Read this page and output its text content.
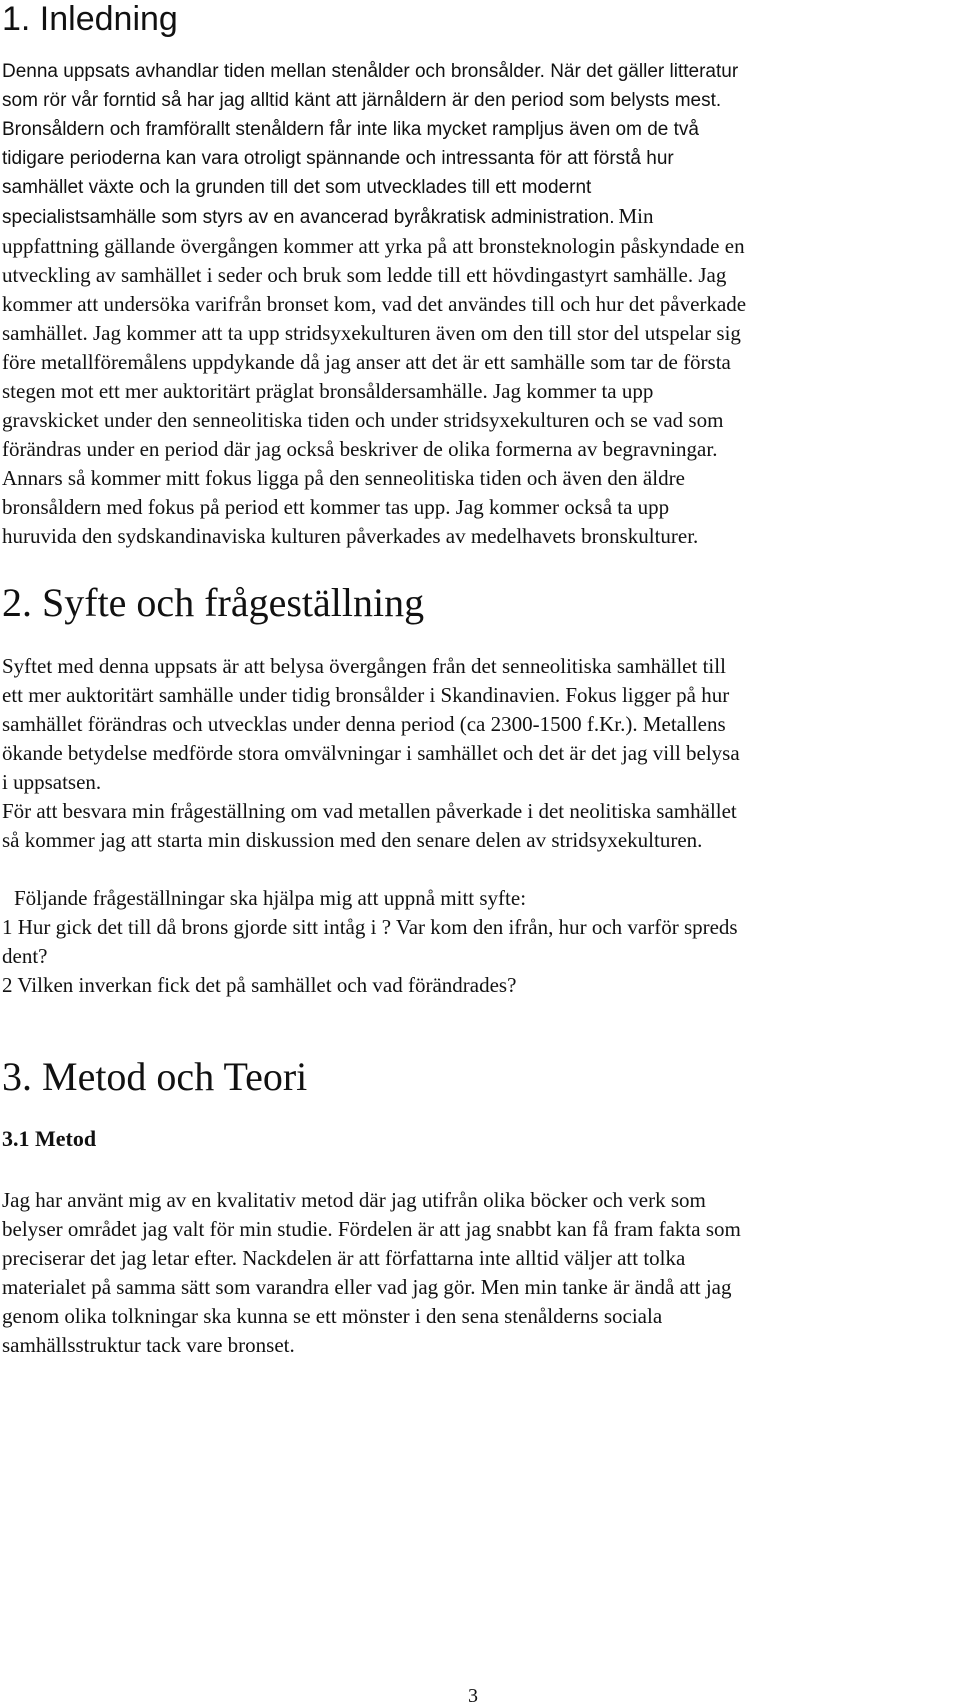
1. Inledning
Denna uppsats avhandlar tiden mellan stenålder och bronsålder. När det gäller litteratur
som rör vår forntid så har jag alltid känt att järnåldern är den period som belysts mest.
Bronsåldern och framförallt stenåldern får inte lika mycket rampljus även om de två
tidigare perioderna kan vara otroligt spännande och intressanta för att förstå hur
samhället växte och la grunden till det som utvecklades till ett modernt
specialistsamhälle som styrs av en avancerad byråkratisk administration. Min
uppfattning gällande övergången kommer att yrka på att bronsteknologin påskyndade en
utveckling av samhället i seder och bruk som ledde till ett hövdingastyrt samhälle. Jag
kommer att undersöka varifrån bronset kom, vad det användes till och hur det påverkade
samhället. Jag kommer att ta upp stridsyxekulturen även om den till stor del utspelar sig
före metallföremålens uppdykande då jag anser att det är ett samhälle som tar de första
stegen mot ett mer auktoritärt präglat bronsåldersamhälle. Jag kommer ta upp
gravskicket under den senneolitiska tiden och under stridsyxekulturen och se vad som
förändras under en period där jag också beskriver de olika formerna av begravningar.
Annars så kommer mitt fokus ligga på den senneolitiska tiden och även den äldre
bronsåldern med fokus på period ett kommer tas upp. Jag kommer också ta upp
huruvida den sydskandinaviska kulturen påverkades av medelhavets bronskulturer.
2. Syfte och frågeställning
Syftet med denna uppsats är att belysa övergången från det senneolitiska samhället till
ett mer auktoritärt samhälle under tidig bronsålder i Skandinavien. Fokus ligger på hur
samhället förändras och utvecklas under denna period (ca 2300-1500 f.Kr.). Metallens
ökande betydelse medförde stora omvälvningar i samhället och det är det jag vill belysa
i uppsatsen.
För att besvara min frågeställning om vad metallen påverkade i det neolitiska samhället
så kommer jag att starta min diskussion med den senare delen av stridsyxekulturen.
Följande frågeställningar ska hjälpa mig att uppnå mitt syfte:
1 Hur gick det till då brons gjorde sitt intåg i ? Var kom den ifrån, hur och varför spreds
dent?
2 Vilken inverkan fick det på samhället och vad förändrades?
3. Metod och Teori
3.1 Metod
Jag har använt mig av en kvalitativ metod där jag utifrån olika böcker och verk som
belyser området jag valt för min studie. Fördelen är att jag snabbt kan få fram fakta som
preciserar det jag letar efter. Nackdelen är att författarna inte alltid väljer att tolka
materialet på samma sätt som varandra eller vad jag gör. Men min tanke är ändå att jag
genom olika tolkningar ska kunna se ett mönster i den sena stenålderns sociala
samhällsstruktur tack vare bronset.
3
